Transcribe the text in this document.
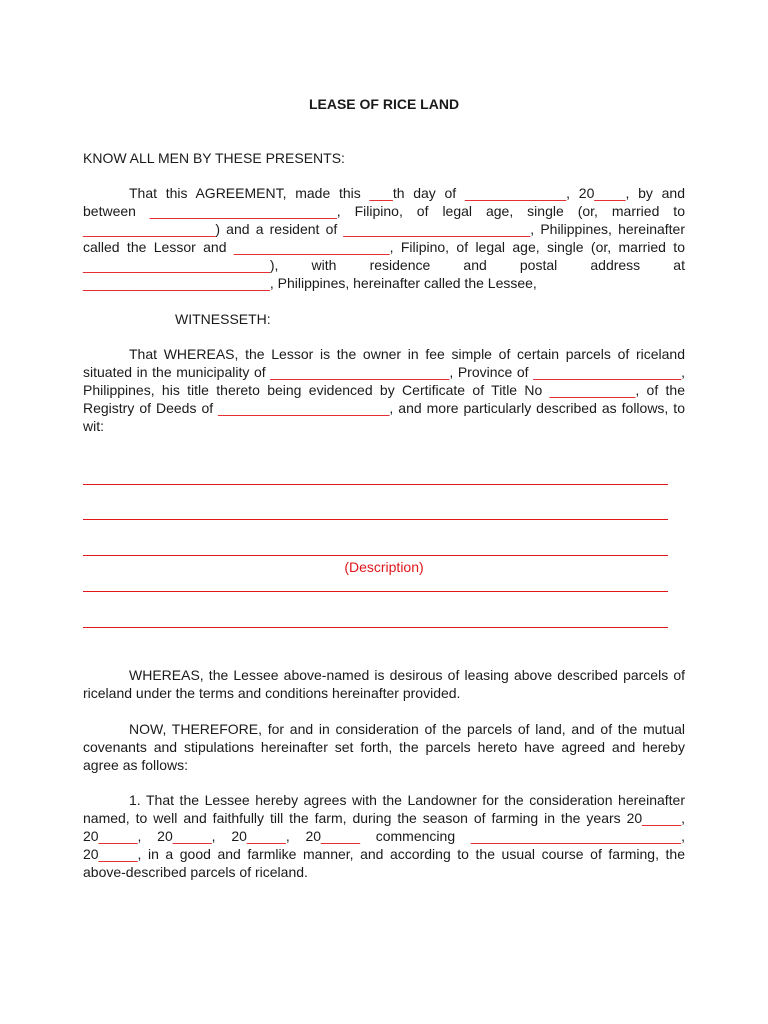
LEASE OF RICE LAND
KNOW ALL MEN BY THESE PRESENTS:
That this AGREEMENT, made this ___th day of _____________, 20____, by and between ________________________, Filipino, of legal age, single (or, married to _________________) and a resident of ________________________, Philippines, hereinafter called the Lessor and ____________________, Filipino, of legal age, single (or, married to ________________________), with residence and postal address at ________________________, Philippines, hereinafter called the Lessee,
WITNESSETH:
That WHEREAS, the Lessor is the owner in fee simple of certain parcels of riceland situated in the municipality of _______________________, Province of ___________________, Philippines, his title thereto being evidenced by Certificate of Title No ___________, of the Registry of Deeds of ______________________, and more particularly described as follows, to wit:
(Description)
WHEREAS, the Lessee above-named is desirous of leasing above described parcels of riceland under the terms and conditions hereinafter provided.
NOW, THEREFORE, for and in consideration of the parcels of land, and of the mutual covenants and stipulations hereinafter set forth, the parcels hereto have agreed and hereby agree as follows:
1. That the Lessee hereby agrees with the Landowner for the consideration hereinafter named, to well and faithfully till the farm, during the season of farming in the years 20_____, 20_____, 20_____, 20_____, 20_____ commencing ___________________________, 20_____, in a good and farmlike manner, and according to the usual course of farming, the above-described parcels of riceland.
